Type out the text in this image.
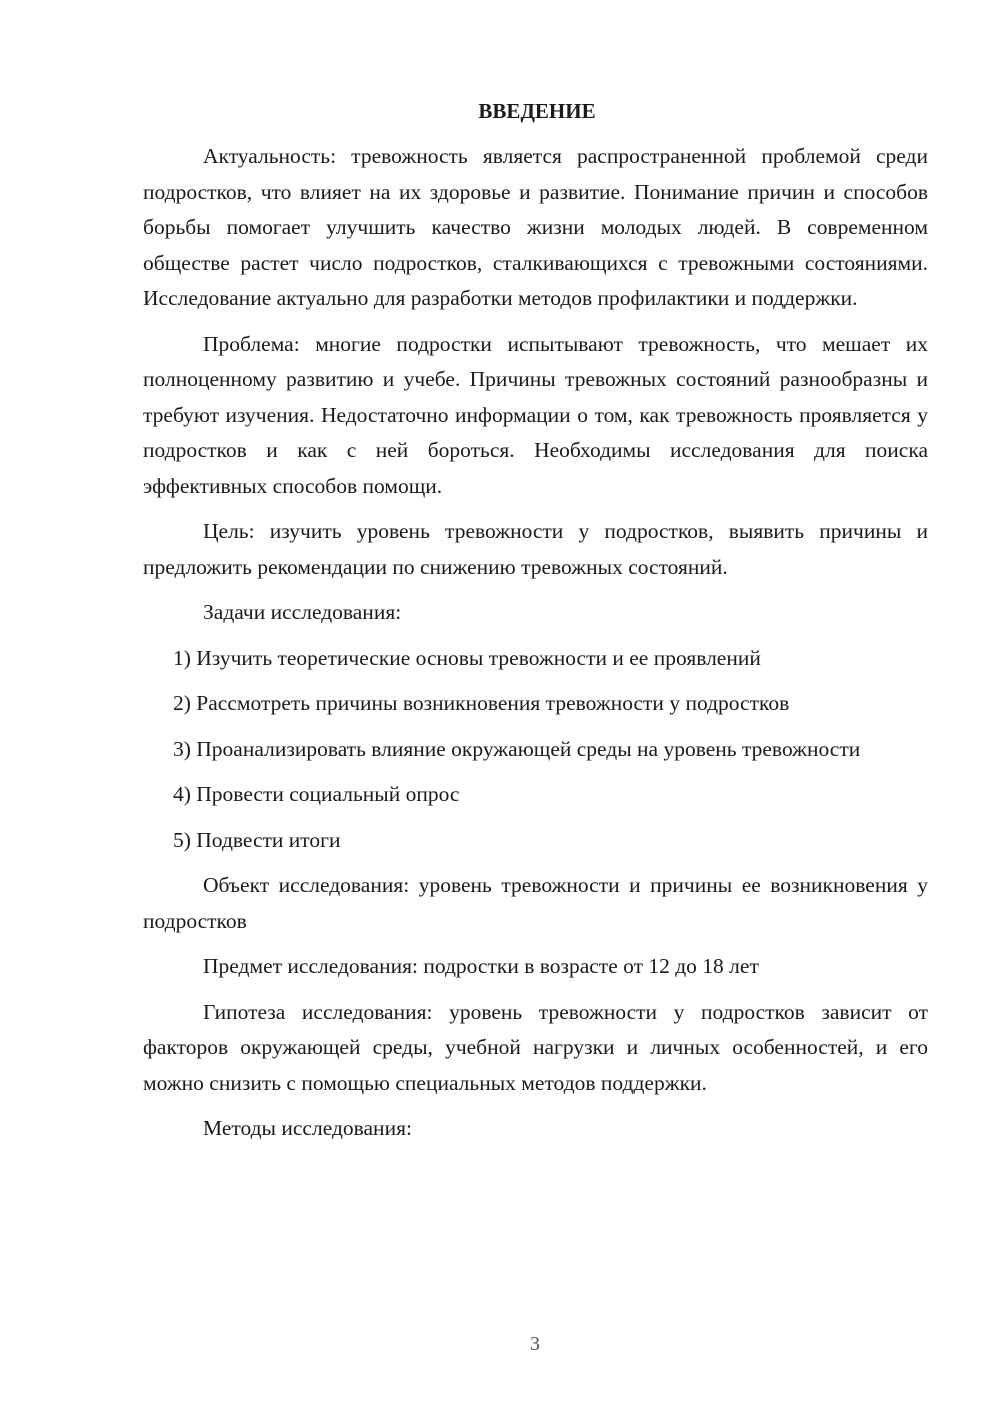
ВВЕДЕНИЕ

Актуальность: тревожность является распространенной проблемой среди подростков, что влияет на их здоровье и развитие. Понимание причин и способов борьбы помогает улучшить качество жизни молодых людей. В современном обществе растет число подростков, сталкивающихся с тревожными состояниями. Исследование актуально для разработки методов профилактики и поддержки.

Проблема: многие подростки испытывают тревожность, что мешает их полноценному развитию и учебе. Причины тревожных состояний разнообразны и требуют изучения. Недостаточно информации о том, как тревожность проявляется у подростков и как с ней бороться. Необходимы исследования для поиска эффективных способов помощи.

Цель: изучить уровень тревожности у подростков, выявить причины и предложить рекомендации по снижению тревожных состояний.

Задачи исследования:

1) Изучить теоретические основы тревожности и ее проявлений
2) Рассмотреть причины возникновения тревожности у подростков
3) Проанализировать влияние окружающей среды на уровень тревожности
4) Провести социальный опрос
5) Подвести итоги

Объект исследования: уровень тревожности и причины ее возникновения у подростков

Предмет исследования: подростки в возрасте от 12 до 18 лет

Гипотеза исследования: уровень тревожности у подростков зависит от факторов окружающей среды, учебной нагрузки и личных особенностей, и его можно снизить с помощью специальных методов поддержки.

Методы исследования:

3
